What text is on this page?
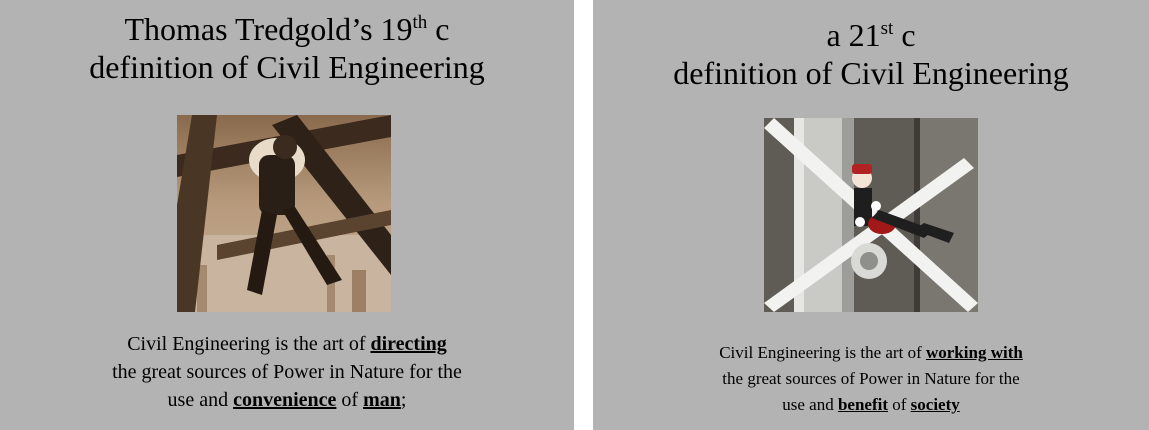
Thomas Tredgold’s 19th c
definition of Civil Engineering

Civil Engineering is the art of directing

the great sources of Power in Nature for the

use and convenience of man;

a 21st c
definition of Civil Engineering

Civil Engineering is the art of working with

the great sources of Power in Nature for the

use and benefit of society
